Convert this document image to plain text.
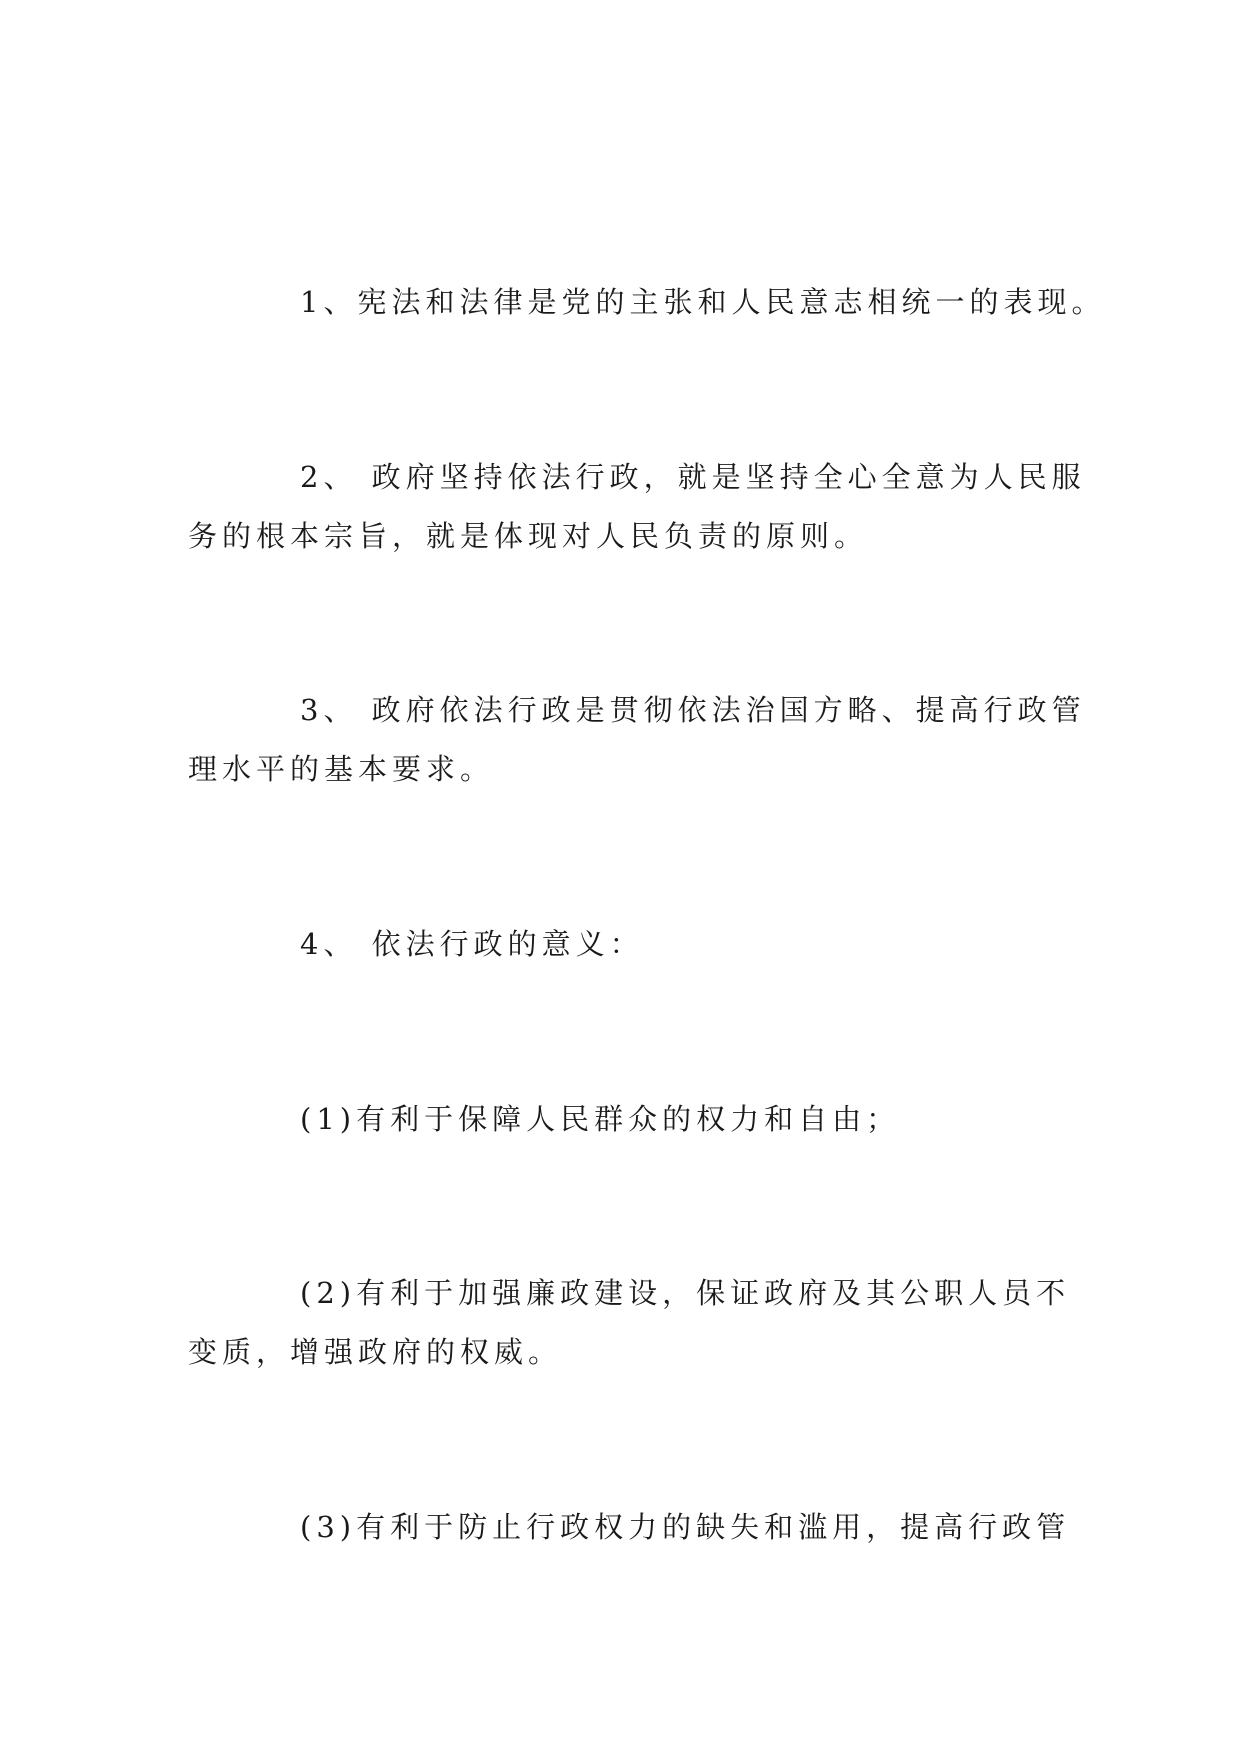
1、宪法和法律是党的主张和人民意志相统一的表现。
2、 政府坚持依法行政，就是坚持全心全意为人民服
务的根本宗旨，就是体现对人民负责的原则。
3、 政府依法行政是贯彻依法治国方略、提高行政管
理水平的基本要求。
4、 依法行政的意义：
(1)有利于保障人民群众的权力和自由；
(2)有利于加强廉政建设，保证政府及其公职人员不
变质，增强政府的权威。
(3)有利于防止行政权力的缺失和滥用，提高行政管
